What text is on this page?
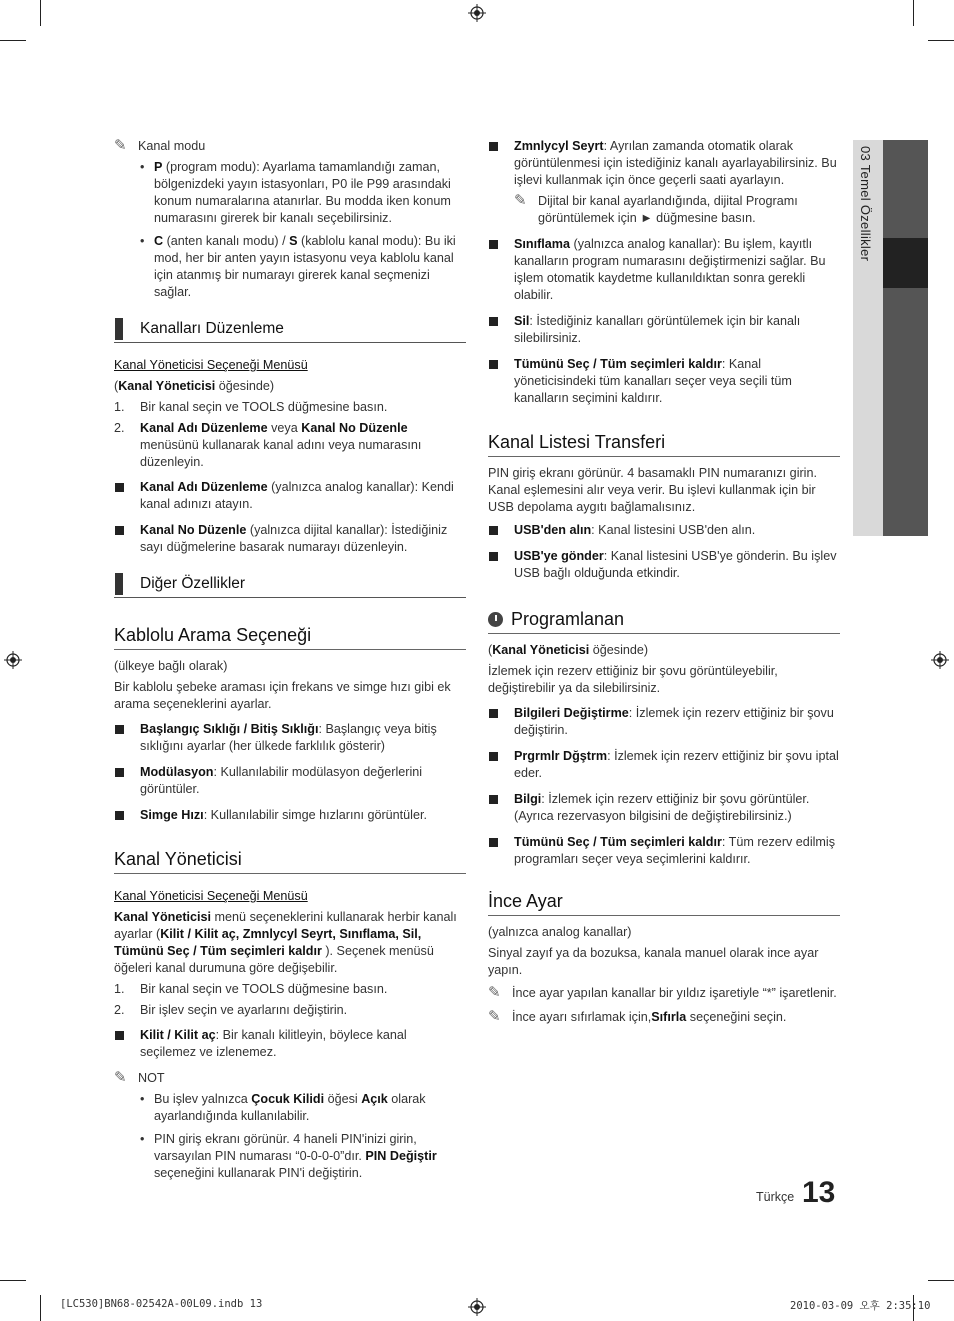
03 Temel Özellikler
✎ Kanal modu
• P (program modu): Ayarlama tamamlandığı zaman, bölgenizdeki yayın istasyonları, P0 ile P99 arasındaki konum numaralarına atanırlar. Bu modda iken konum numarasını girerek bir kanalı seçebilirsiniz.
• C (anten kanalı modu) / S (kablolu kanal modu): Bu iki mod, her bir anten yayın istasyonu veya kablolu kanal için atanmış bir numarayı girerek kanal seçmenizi sağlar.
Kanalları Düzenleme
Kanal Yöneticisi Seçeneği Menüsü
(Kanal Yöneticisi öğesinde)
1. Bir kanal seçin ve TOOLS düğmesine basın.
2. Kanal Adı Düzenleme veya Kanal No Düzenle menüsünü kullanarak kanal adını veya numarasını düzenleyin.
Kanal Adı Düzenleme (yalnızca analog kanallar): Kendi kanal adınızı atayın.
Kanal No Düzenle (yalnızca dijital kanallar): İstediğiniz sayı düğmelerine basarak numarayı düzenleyin.
Diğer Özellikler
Kablolu Arama Seçeneği
(ülkeye bağlı olarak)
Bir kablolu şebeke araması için frekans ve simge hızı gibi ek arama seçeneklerini ayarlar.
Başlangıç Sıklığı / Bitiş Sıklığı: Başlangıç veya bitiş sıklığını ayarlar (her ülkede farklılık gösterir)
Modülasyon: Kullanılabilir modülasyon değerlerini görüntüler.
Simge Hızı: Kullanılabilir simge hızlarını görüntüler.
Kanal Yöneticisi
Kanal Yöneticisi Seçeneği Menüsü
Kanal Yöneticisi menü seçeneklerini kullanarak herbir kanalı ayarlar (Kilit / Kilit aç, Zmnlycyl Seyrt, Sınıflama, Sil, Tümünü Seç / Tüm seçimleri kaldır ). Seçenek menüsü öğeleri kanal durumuna göre değişebilir.
1. Bir kanal seçin ve TOOLS düğmesine basın.
2. Bir işlev seçin ve ayarlarını değiştirin.
Kilit / Kilit aç: Bir kanalı kilitleyin, böylece kanal seçilemez ve izlenemez.
✎ NOT
• Bu işlev yalnızca Çocuk Kilidi öğesi Açık olarak ayarlandığında kullanılabilir.
• PIN giriş ekranı görünür. 4 haneli PIN'inizi girin, varsayılan PIN numarası “0-0-0-0”dır. PIN Değiştir seçeneğini kullanarak PIN'i değiştirin.
Zmnlycyl Seyrt: Ayrılan zamanda otomatik olarak görüntülenmesi için istediğiniz kanalı ayarlayabilirsiniz. Bu işlevi kullanmak için önce geçerli saati ayarlayın.
✎ Dijital bir kanal ayarlandığında, dijital Programı görüntülemek için ► düğmesine basın.
Sınıflama (yalnızca analog kanallar): Bu işlem, kayıtlı kanalların program numarasını değiştirmenizi sağlar. Bu işlem otomatik kaydetme kullanıldıktan sonra gerekli olabilir.
Sil: İstediğiniz kanalları görüntülemek için bir kanalı silebilirsiniz.
Tümünü Seç / Tüm seçimleri kaldır: Kanal yöneticisindeki tüm kanalları seçer veya seçili tüm kanalların seçimini kaldırır.
Kanal Listesi Transferi
PIN giriş ekranı görünür. 4 basamaklı PIN numaranızı girin. Kanal eşlemesini alır veya verir. Bu işlevi kullanmak için bir USB depolama aygıtı bağlamalısınız.
USB'den alın: Kanal listesini USB'den alın.
USB'ye gönder: Kanal listesini USB'ye gönderin. Bu işlev USB bağlı olduğunda etkindir.
Programlanan
(Kanal Yöneticisi öğesinde)
İzlemek için rezerv ettiğiniz bir şovu görüntüleyebilir, değiştirebilir ya da silebilirsiniz.
Bilgileri Değiştirme: İzlemek için rezerv ettiğiniz bir şovu değiştirin.
Prgrmlr Dğştrm: İzlemek için rezerv ettiğiniz bir şovu iptal eder.
Bilgi: İzlemek için rezerv ettiğiniz bir şovu görüntüler. (Ayrıca rezervasyon bilgisini de değiştirebilirsiniz.)
Tümünü Seç / Tüm seçimleri kaldır: Tüm rezerv edilmiş programları seçer veya seçimlerini kaldırır.
İnce Ayar
(yalnızca analog kanallar)
Sinyal zayıf ya da bozuksa, kanala manuel olarak ince ayar yapın.
✎ İnce ayar yapılan kanallar bir yıldız işaretiyle “*” işaretlenir.
✎ İnce ayarı sıfırlamak için,Sıfırla seçeneğini seçin.
Türkçe 13
[LC530]BN68-02542A-00L09.indb 13	2010-03-09 오후 2:35:10
